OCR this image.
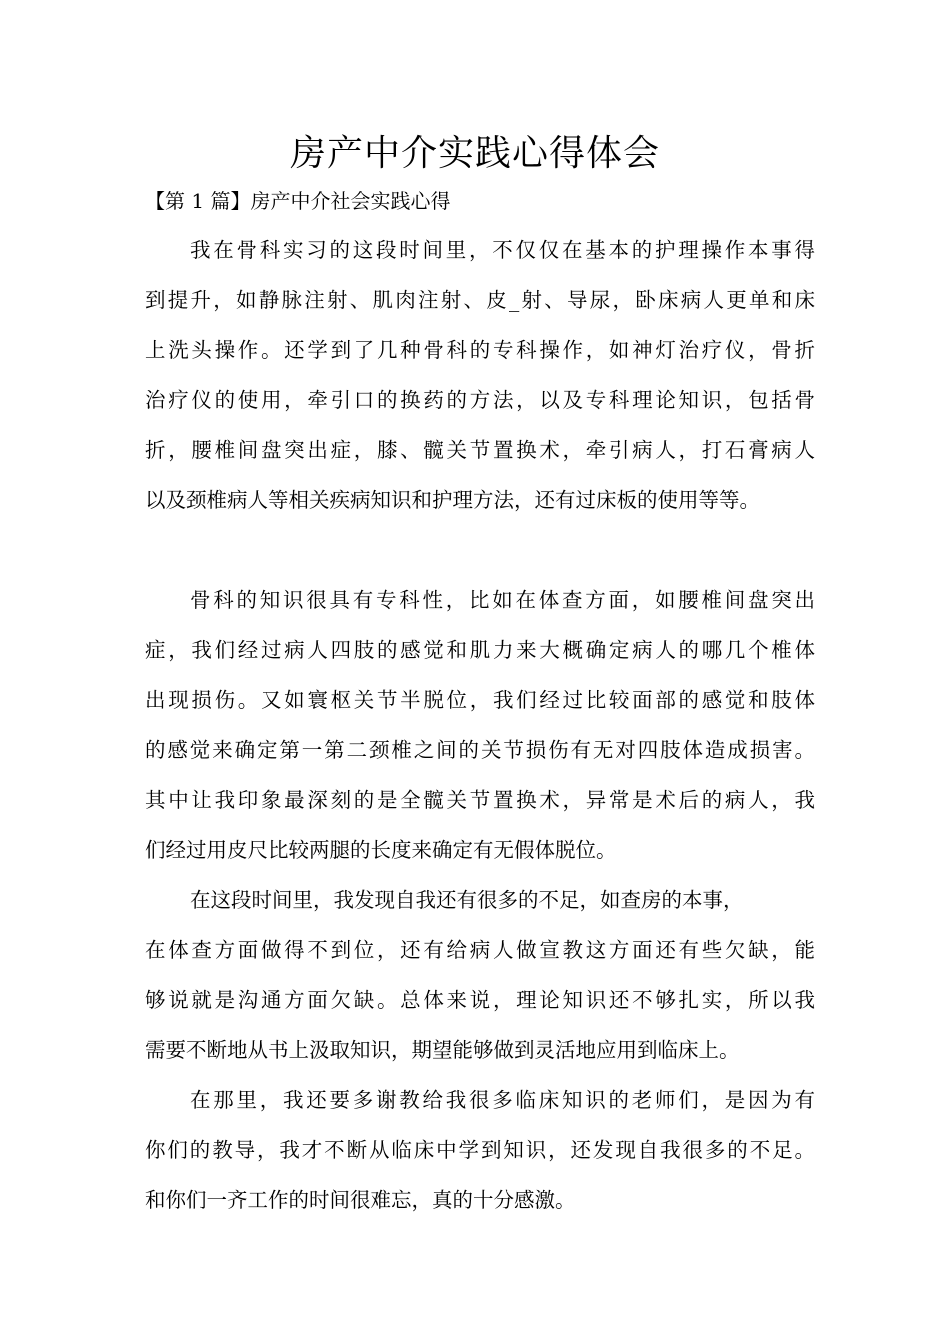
房产中介实践心得体会
【第 1 篇】房产中介社会实践心得
我在骨科实习的这段时间里，不仅仅在基本的护理操作本事得
到提升，如静脉注射、肌肉注射、皮_射、导尿，卧床病人更单和床
上洗头操作。还学到了几种骨科的专科操作，如神灯治疗仪，骨折
治疗仪的使用，牵引口的换药的方法，以及专科理论知识，包括骨
折，腰椎间盘突出症，膝、髋关节置换术，牵引病人，打石膏病人
以及颈椎病人等相关疾病知识和护理方法，还有过床板的使用等等。
骨科的知识很具有专科性，比如在体查方面，如腰椎间盘突出
症，我们经过病人四肢的感觉和肌力来大概确定病人的哪几个椎体
出现损伤。又如寰枢关节半脱位，我们经过比较面部的感觉和肢体
的感觉来确定第一第二颈椎之间的关节损伤有无对四肢体造成损害。
其中让我印象最深刻的是全髋关节置换术，异常是术后的病人，我
们经过用皮尺比较两腿的长度来确定有无假体脱位。
在这段时间里，我发现自我还有很多的不足，如查房的本事，
在体查方面做得不到位，还有给病人做宣教这方面还有些欠缺，能
够说就是沟通方面欠缺。总体来说，理论知识还不够扎实，所以我
需要不断地从书上汲取知识，期望能够做到灵活地应用到临床上。
在那里，我还要多谢教给我很多临床知识的老师们，是因为有
你们的教导，我才不断从临床中学到知识，还发现自我很多的不足。
和你们一齐工作的时间很难忘，真的十分感激。
